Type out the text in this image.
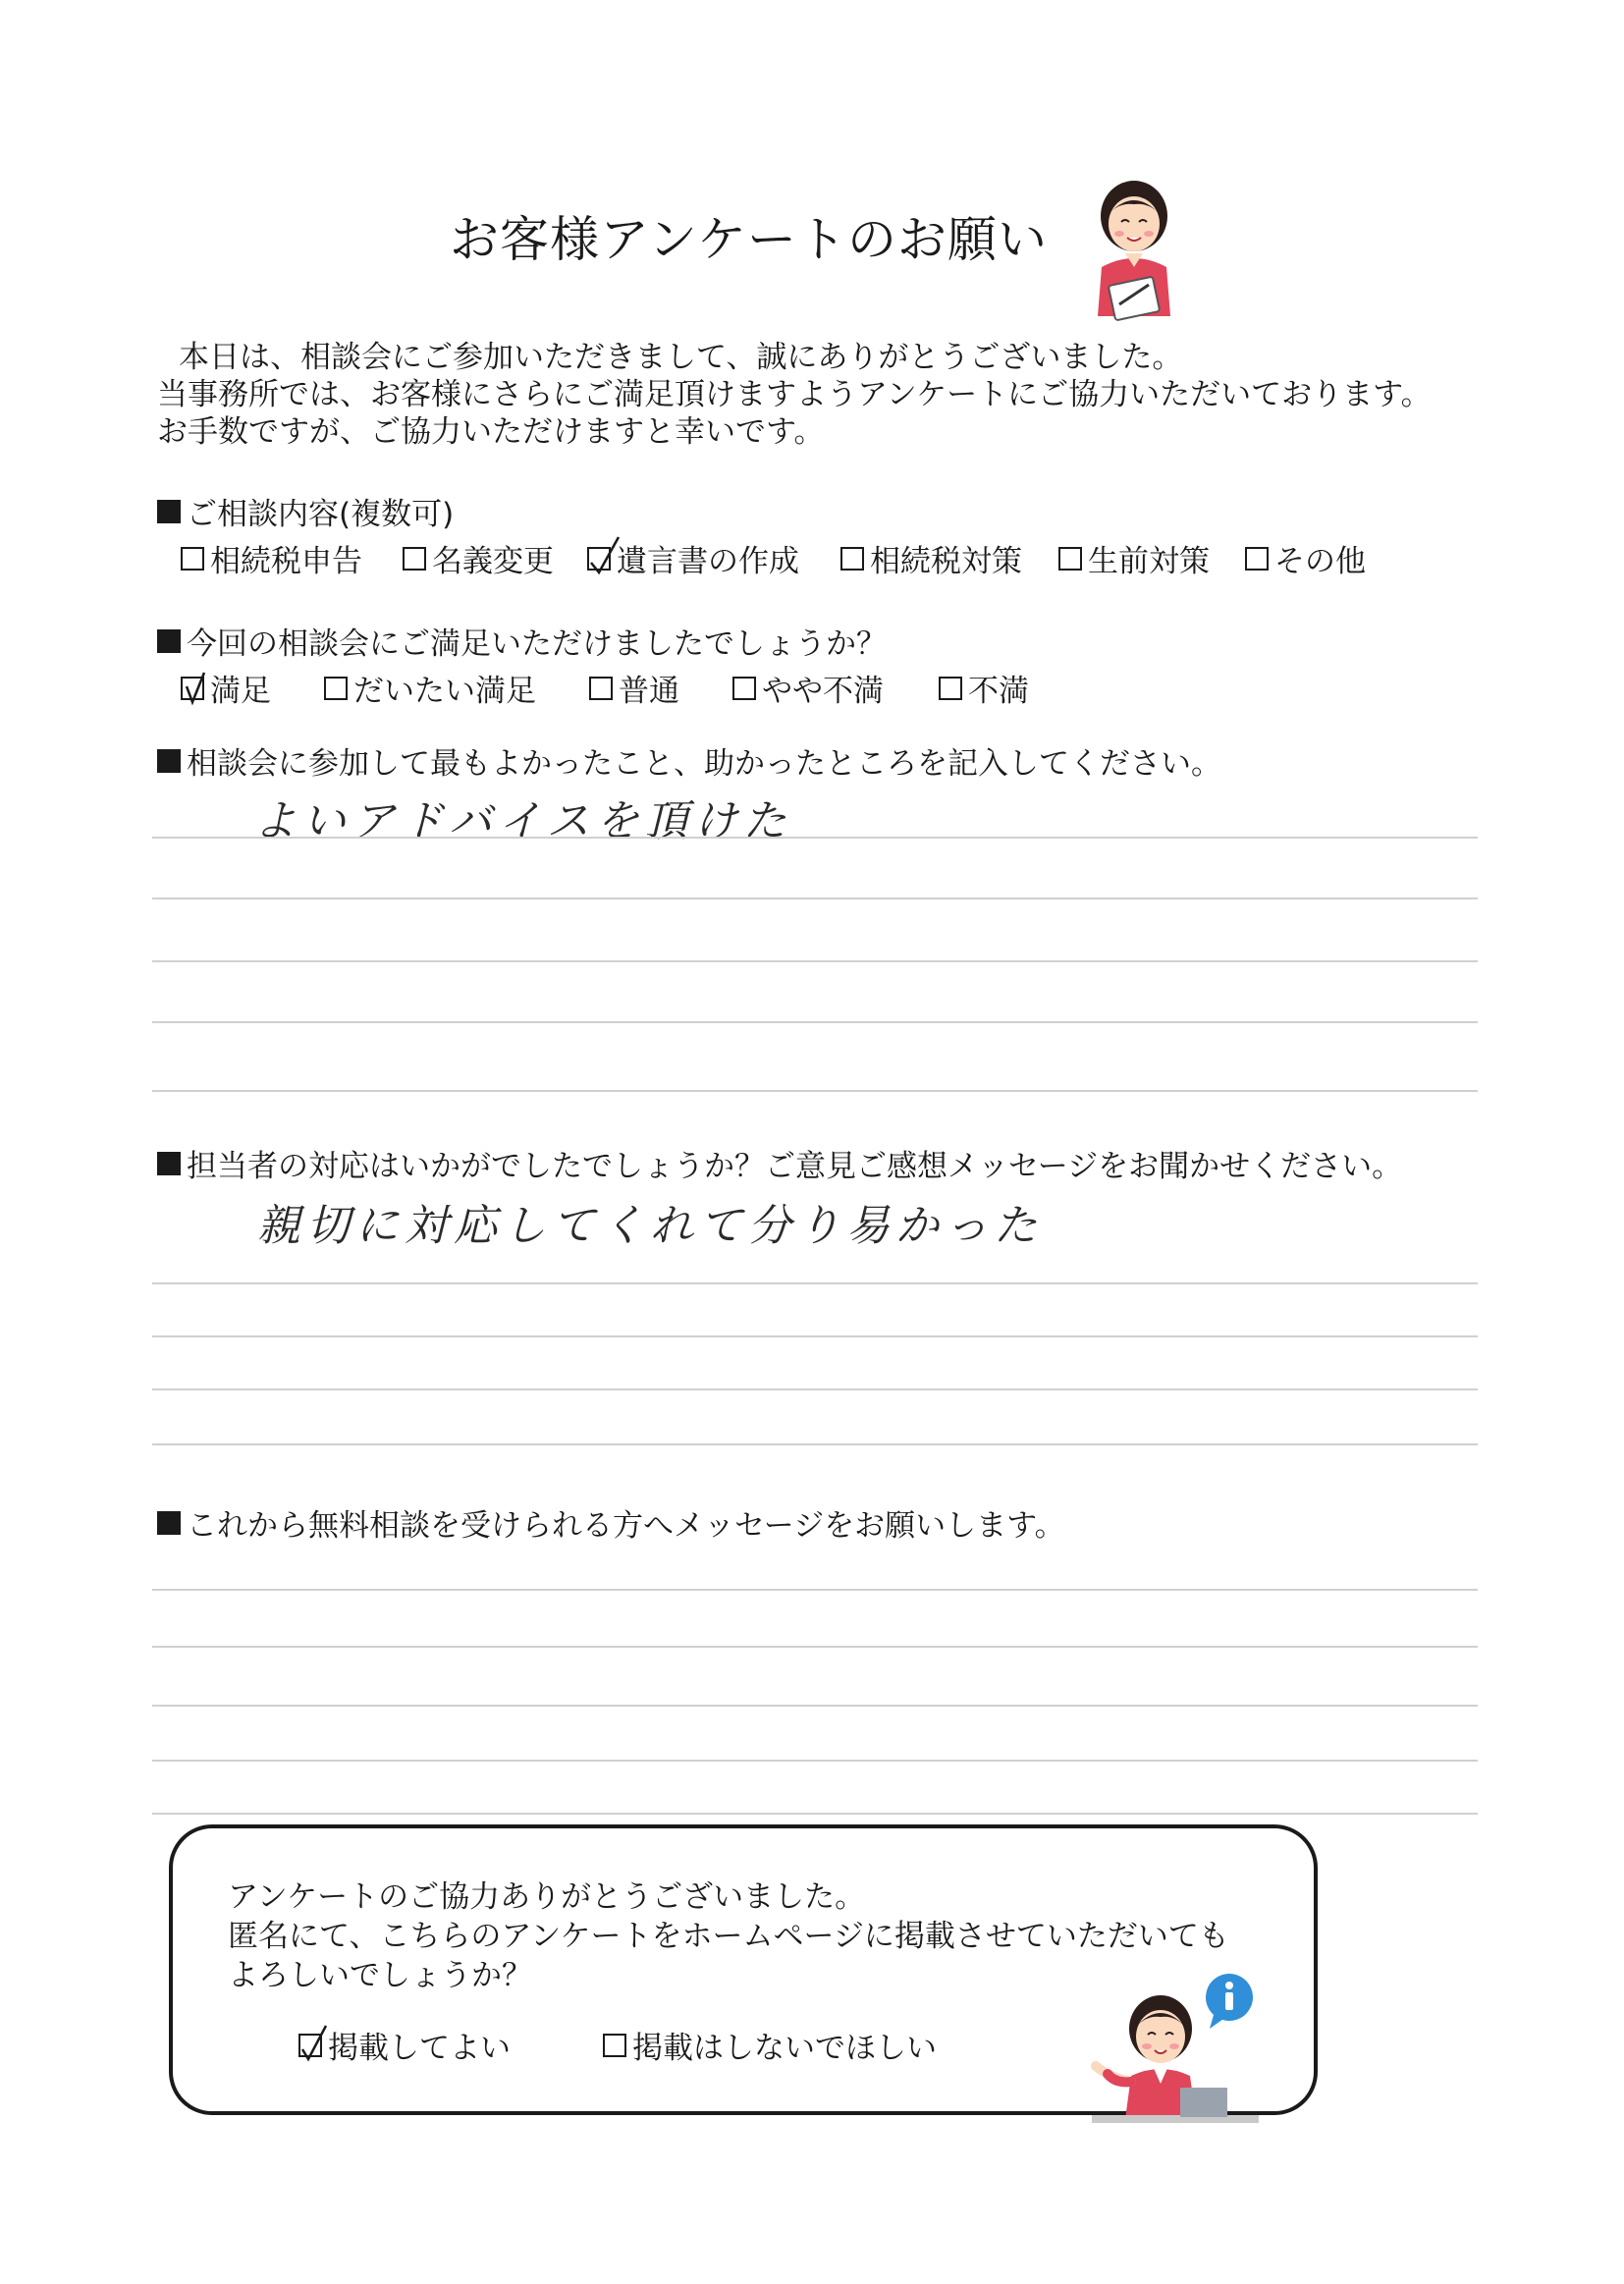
お客様アンケートのお願い
本日は、相談会にご参加いただきまして、誠にありがとうございました。
当事務所では、お客様にさらにご満足頂けますようアンケートにご協力いただいております。
お手数ですが、ご協力いただけますと幸いです。
ご相談内容(複数可)
相続税申告 名義変更 遺言書の作成 相続税対策 生前対策 その他
今回の相談会にご満足いただけましたでしょうか？
満足	だいたい満足	普通	やや不満	不満
相談会に参加して最もよかったこと、助かったところを記入してください。
よいアドバイスを頂けた
担当者の対応はいかがでしたでしょうか？ご意見ご感想メッセージをお聞かせください。
親切に対応してくれて分り易かった
これから無料相談を受けられる方へメッセージをお願いします。
アンケートのご協力ありがとうございました。
匿名にて、こちらのアンケートをホームページに掲載させていただいても
よろしいでしょうか？
掲載してよい	掲載はしないでほしい
